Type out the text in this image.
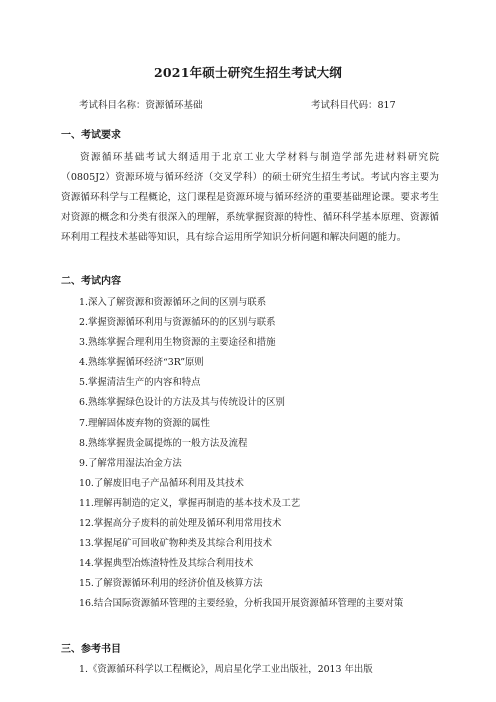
2021年硕士研究生招生考试大纲
考试科目名称：资源循环基础	考试科目代码：817
一、考试要求

资源循环基础考试大纲适用于北京工业大学材料与制造学部先进材料研究院（0805J2）资源环境与循环经济（交叉学科）的硕士研究生招生考试。考试内容主要为资源循环科学与工程概论，这门课程是资源环境与循环经济的重要基础理论课。要求考生对资源的概念和分类有很深入的理解，系统掌握资源的特性、循环科学基本原理、资源循环利用工程技术基础等知识，具有综合运用所学知识分析问题和解决问题的能力。

二、考试内容
1.深入了解资源和资源循环之间的区别与联系
2.掌握资源循环利用与资源循环的的区别与联系
3.熟练掌握合理利用生物资源的主要途径和措施
4.熟练掌握循环经济“3R”原则
5.掌握清洁生产的内容和特点
6.熟练掌握绿色设计的方法及其与传统设计的区别
7.理解固体废弃物的资源的属性
8.熟练掌握贵金属提炼的一般方法及流程
9.了解常用湿法冶金方法
10.了解废旧电子产品循环利用及其技术
11.理解再制造的定义，掌握再制造的基本技术及工艺
12.掌握高分子废料的前处理及循环利用常用技术
13.掌握尾矿可回收矿物种类及其综合利用技术
14.掌握典型冶炼渣特性及其综合利用技术
15.了解资源循环利用的经济价值及核算方法
16.结合国际资源循环管理的主要经验，分析我国开展资源循环管理的主要对策
三、参考书目
1.《资源循环科学以工程概论》，周启星化学工业出版社，2013 年出版
